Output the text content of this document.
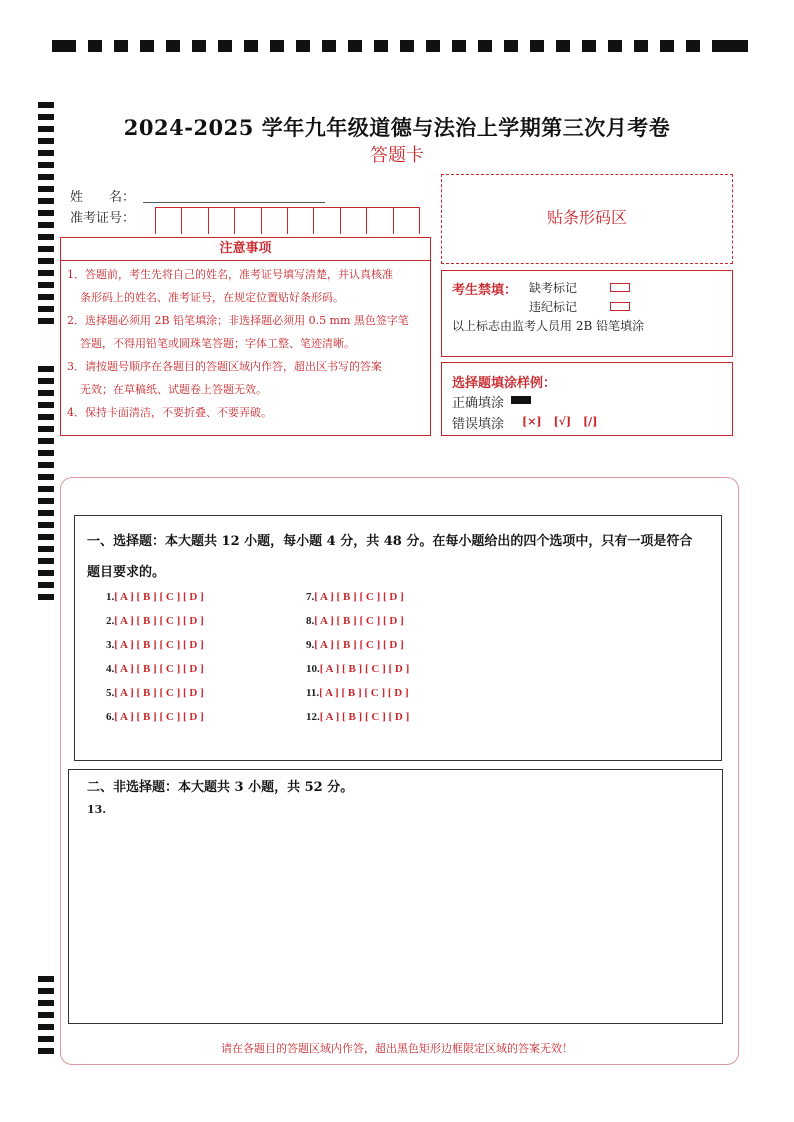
2024-2025 学年九年级道德与法治上学期第三次月考卷
答题卡
姓　　名：
准考证号：	贴条形码区
注意事项
1．答题前，考生先将自己的姓名，准考证号填写清楚，并认真核准
条形码上的姓名、准考证号，在规定位置贴好条形码。
2．选择题必须用 2B 铅笔填涂；非选择题必须用 0.5 mm 黑色签字笔
答题，不得用铅笔或圆珠笔答题；字体工整、笔迹清晰。
3．请按题号顺序在各题目的答题区域内作答，超出区书写的答案
无效；在草稿纸、试题卷上答题无效。
4．保持卡面清洁，不要折叠、不要弄破。
考生禁填： 缺考标记
违纪标记
以上标志由监考人员用 2B 铅笔填涂
选择题填涂样例：
正确填涂
错误填涂 [×] [√] [/]
一、选择题：本大题共 12 小题，每小题 4 分，共 48 分。在每小题给出的四个选项中，只有一项是符合
题目要求的。
1.[ A ] [ B ] [ C ] [ D ]
2.[ A ] [ B ] [ C ] [ D ]
3.[ A ] [ B ] [ C ] [ D ]
4.[ A ] [ B ] [ C ] [ D ]
5.[ A ] [ B ] [ C ] [ D ]
6.[ A ] [ B ] [ C ] [ D ]
7.[ A ] [ B ] [ C ] [ D ]
8.[ A ] [ B ] [ C ] [ D ]
9.[ A ] [ B ] [ C ] [ D ]
10.[ A ] [ B ] [ C ] [ D ]
11.[ A ] [ B ] [ C ] [ D ]
12.[ A ] [ B ] [ C ] [ D ]
二、非选择题：本大题共 3 小题，共 52 分。
13.
请在各题目的答题区域内作答，超出黑色矩形边框限定区域的答案无效！
